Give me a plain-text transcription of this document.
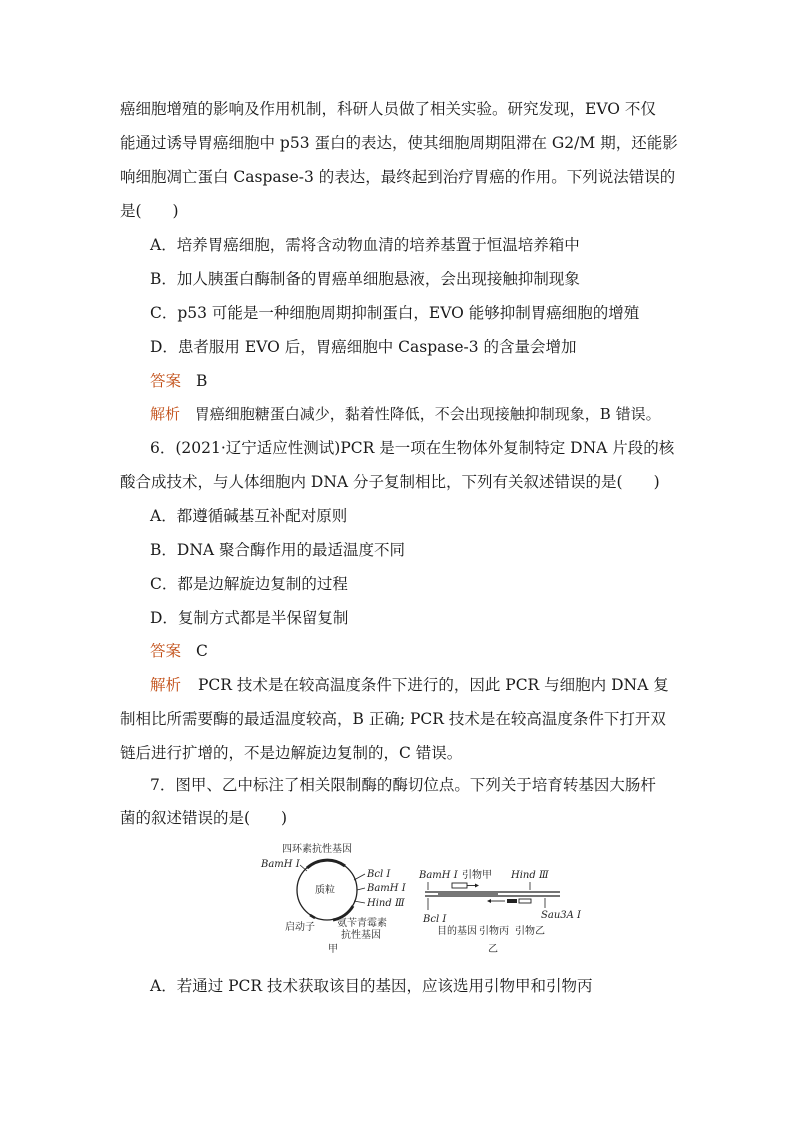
癌细胞增殖的影响及作用机制，科研人员做了相关实验。研究发现，EVO 不仅
能通过诱导胃癌细胞中 p53 蛋白的表达，使其细胞周期阻滞在 G2/M 期，还能影
响细胞凋亡蛋白 Caspase-3 的表达，最终起到治疗胃癌的作用。下列说法错误的
是(　　)
A．培养胃癌细胞，需将含动物血清的培养基置于恒温培养箱中
B．加人胰蛋白酶制备的胃癌单细胞悬液，会出现接触抑制现象
C．p53 可能是一种细胞周期抑制蛋白，EVO 能够抑制胃癌细胞的增殖
D．患者服用 EVO 后，胃癌细胞中 Caspase-3 的含量会增加
答案 B
解析 胃癌细胞糖蛋白减少，黏着性降低，不会出现接触抑制现象，B 错误。
6．(2021·辽宁适应性测试)PCR 是一项在生物体外复制特定 DNA 片段的核
酸合成技术，与人体细胞内 DNA 分子复制相比，下列有关叙述错误的是(　　)
A．都遵循碱基互补配对原则
B．DNA 聚合酶作用的最适温度不同
C．都是边解旋边复制的过程
D．复制方式都是半保留复制
答案 C
解析 PCR 技术是在较高温度条件下进行的，因此 PCR 与细胞内 DNA 复
制相比所需要酶的最适温度较高，B 正确; PCR 技术是在较高温度条件下打开双
链后进行扩增的，不是边解旋边复制的，C 错误。
7．图甲、乙中标注了相关限制酶的酶切位点。下列关于培育转基因大肠杆
菌的叙述错误的是(　　)
质粒
四环素抗性基因
BamH Ⅰ
Bcl Ⅰ
BamH Ⅰ
Hind Ⅲ
启动子 氨苄青霉素
抗性基因
甲
BamH Ⅰ 引物甲 Hind Ⅲ
Bcl Ⅰ	Sau3A Ⅰ
目的基因 引物丙 引物乙
乙
A．若通过 PCR 技术获取该目的基因，应该选用引物甲和引物丙
